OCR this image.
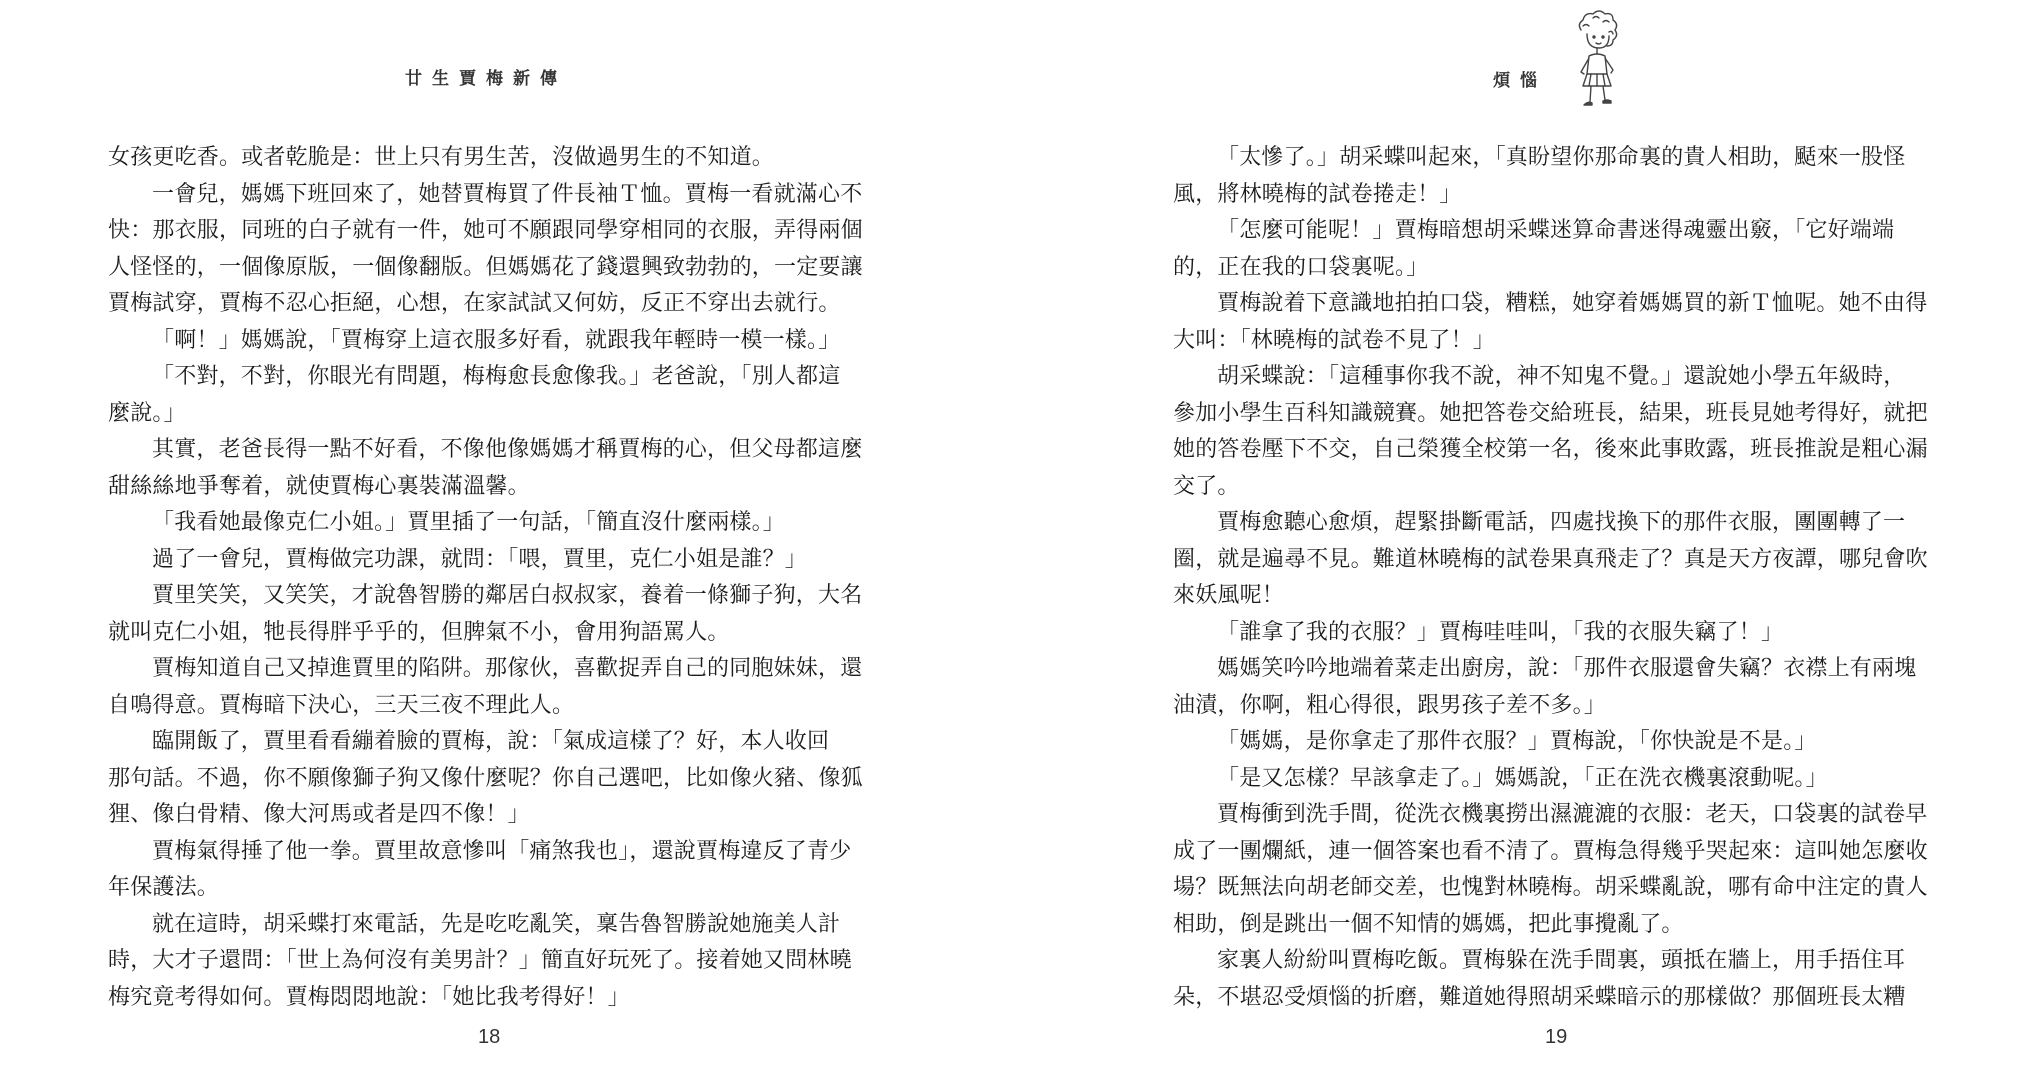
廿生賈梅新傳
女孩更吃香。或者乾脆是：世上只有男生苦，沒做過男生的不知道。
一會兒，媽媽下班回來了，她替賈梅買了件長袖Ｔ恤。賈梅一看就滿心不
快：那衣服，同班的白子就有一件，她可不願跟同學穿相同的衣服，弄得兩個
人怪怪的，一個像原版，一個像翻版。但媽媽花了錢還興致勃勃的，一定要讓
賈梅試穿，賈梅不忍心拒絕，心想，在家試試又何妨，反正不穿出去就行。
「啊！」媽媽說，「賈梅穿上這衣服多好看，就跟我年輕時一模一樣。」
「不對，不對，你眼光有問題，梅梅愈長愈像我。」老爸說，「別人都這
麼說。」
其實，老爸長得一點不好看，不像他像媽媽才稱賈梅的心，但父母都這麼
甜絲絲地爭奪着，就使賈梅心裏裝滿溫馨。
「我看她最像克仁小姐。」賈里插了一句話，「簡直沒什麼兩樣。」
過了一會兒，賈梅做完功課，就問：「喂，賈里，克仁小姐是誰？」
賈里笑笑，又笑笑，才說魯智勝的鄰居白叔叔家，養着一條獅子狗，大名
就叫克仁小姐，牠長得胖乎乎的，但脾氣不小，會用狗語罵人。
賈梅知道自己又掉進賈里的陷阱。那傢伙，喜歡捉弄自己的同胞妹妹，還
自鳴得意。賈梅暗下決心，三天三夜不理此人。
臨開飯了，賈里看看繃着臉的賈梅，說：「氣成這樣了？好，本人收回
那句話。不過，你不願像獅子狗又像什麼呢？你自己選吧，比如像火豬、像狐
狸、像白骨精、像大河馬或者是四不像！」
賈梅氣得捶了他一拳。賈里故意慘叫「痛煞我也」，還說賈梅違反了青少
年保護法。
就在這時，胡采蝶打來電話，先是吃吃亂笑，稟告魯智勝說她施美人計
時，大才子還問：「世上為何沒有美男計？」簡直好玩死了。接着她又問林曉
梅究竟考得如何。賈梅悶悶地說：「她比我考得好！」
18
煩惱
「太慘了。」胡采蝶叫起來，「真盼望你那命裏的貴人相助，颳來一股怪
風，將林曉梅的試卷捲走！」
「怎麼可能呢！」賈梅暗想胡采蝶迷算命書迷得魂靈出竅，「它好端端
的，正在我的口袋裏呢。」
賈梅說着下意識地拍拍口袋，糟糕，她穿着媽媽買的新Ｔ恤呢。她不由得
大叫：「林曉梅的試卷不見了！」
胡采蝶說：「這種事你我不說，神不知鬼不覺。」還說她小學五年級時，
參加小學生百科知識競賽。她把答卷交給班長，結果，班長見她考得好，就把
她的答卷壓下不交，自己榮獲全校第一名，後來此事敗露，班長推說是粗心漏
交了。
賈梅愈聽心愈煩，趕緊掛斷電話，四處找換下的那件衣服，團團轉了一
圈，就是遍尋不見。難道林曉梅的試卷果真飛走了？真是天方夜譚，哪兒會吹
來妖風呢！
「誰拿了我的衣服？」賈梅哇哇叫，「我的衣服失竊了！」
媽媽笑吟吟地端着菜走出廚房，說：「那件衣服還會失竊？衣襟上有兩塊
油漬，你啊，粗心得很，跟男孩子差不多。」
「媽媽，是你拿走了那件衣服？」賈梅說，「你快說是不是。」
「是又怎樣？早該拿走了。」媽媽說，「正在洗衣機裏滾動呢。」
賈梅衝到洗手間，從洗衣機裏撈出濕漉漉的衣服：老天，口袋裏的試卷早
成了一團爛紙，連一個答案也看不清了。賈梅急得幾乎哭起來：這叫她怎麼收
場？既無法向胡老師交差，也愧對林曉梅。胡采蝶亂說，哪有命中注定的貴人
相助，倒是跳出一個不知情的媽媽，把此事攪亂了。
家裏人紛紛叫賈梅吃飯。賈梅躲在洗手間裏，頭抵在牆上，用手捂住耳
朵，不堪忍受煩惱的折磨，難道她得照胡采蝶暗示的那樣做？那個班長太糟
19
